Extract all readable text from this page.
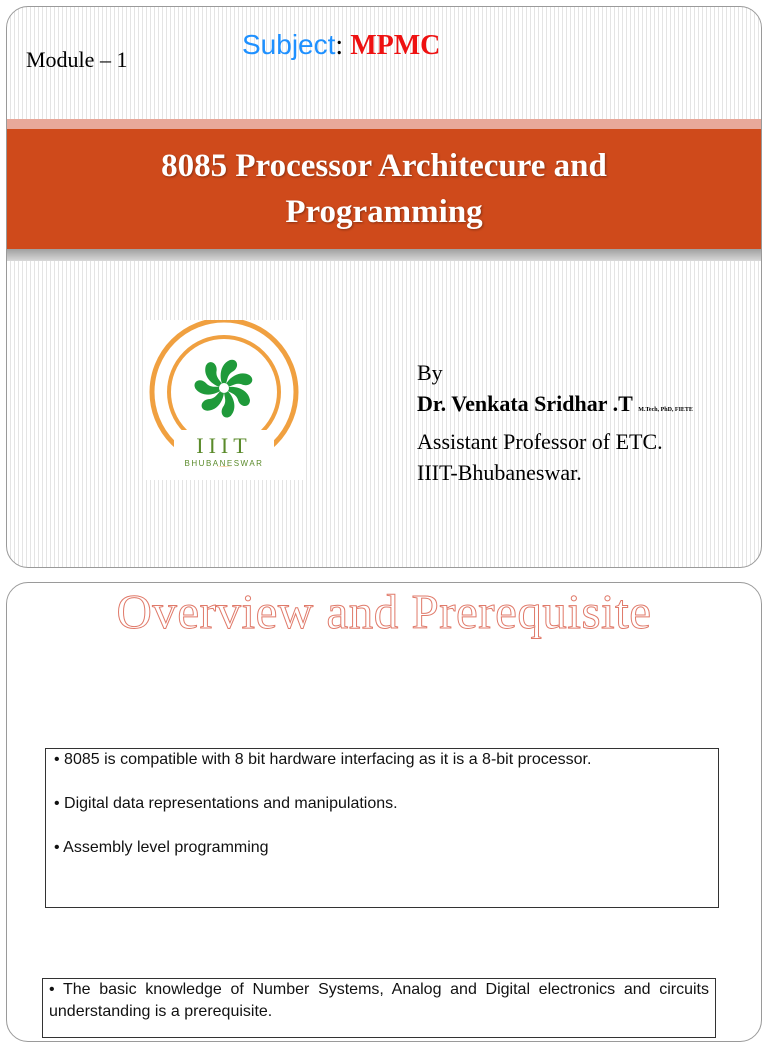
Module – 1	Subject: MPMC
8085 Processor Architecure and
Programming
IIIT
BHUBANESWAR
By
Dr. Venkata Sridhar .T M.Tech, PhD, FIETE
Assistant Professor of ETC.
IIIT-Bhubaneswar.
Overview and Prerequisite

• 8085 is compatible with 8 bit hardware interfacing as it is a 8-bit processor.

• Digital data representations and manipulations.

• Assembly level programming

• The basic knowledge of Number Systems, Analog and Digital electronics and circuits understanding is a prerequisite.
